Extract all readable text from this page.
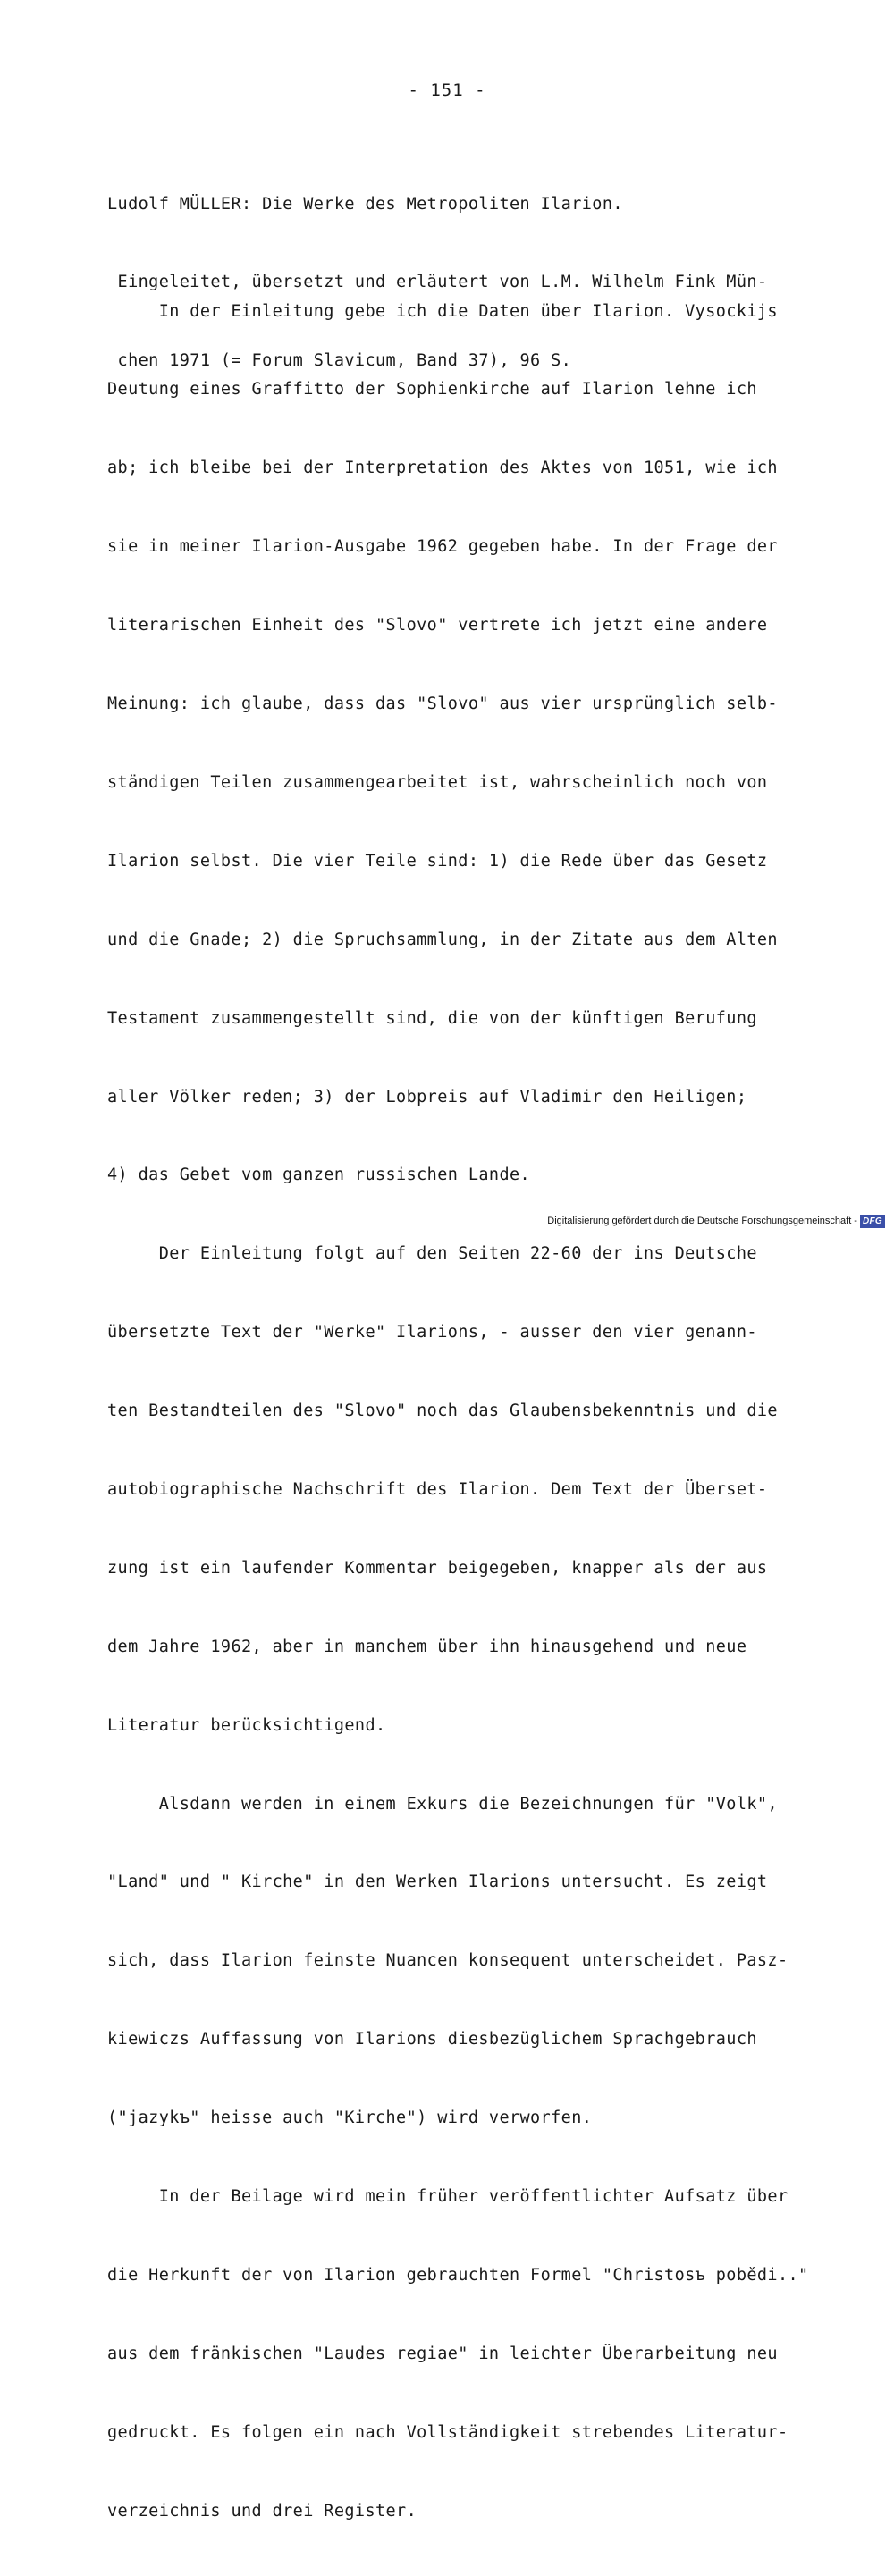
- 151 -

Ludolf MÜLLER: Die Werke des Metropoliten Ilarion.

Eingeleitet, übersetzt und erläutert von L.M. Wilhelm Fink Mün-

chen 1971 (= Forum Slavicum, Band 37), 96 S.

In der Einleitung gebe ich die Daten über Ilarion. Vysockijs

Deutung eines Graffitto der Sophienkirche auf Ilarion lehne ich

ab; ich bleibe bei der Interpretation des Aktes von 1051, wie ich

sie in meiner Ilarion-Ausgabe 1962 gegeben habe. In der Frage der

literarischen Einheit des "Slovo" vertrete ich jetzt eine andere

Meinung: ich glaube, dass das "Slovo" aus vier ursprünglich selb-

ständigen Teilen zusammengearbeitet ist, wahrscheinlich noch von

Ilarion selbst. Die vier Teile sind: 1) die Rede über das Gesetz

und die Gnade; 2) die Spruchsammlung, in der Zitate aus dem Alten

Testament zusammengestellt sind, die von der künftigen Berufung

aller Völker reden; 3) der Lobpreis auf Vladimir den Heiligen;

4) das Gebet vom ganzen russischen Lande.

Der Einleitung folgt auf den Seiten 22-60 der ins Deutsche

übersetzte Text der "Werke" Ilarions, - ausser den vier genann-

ten Bestandteilen des "Slovo" noch das Glaubensbekenntnis und die

autobiographische Nachschrift des Ilarion. Dem Text der Überset-

zung ist ein laufender Kommentar beigegeben, knapper als der aus

dem Jahre 1962, aber in manchem über ihn hinausgehend und neue

Literatur berücksichtigend.

Alsdann werden in einem Exkurs die Bezeichnungen für "Volk",

"Land" und " Kirche" in den Werken Ilarions untersucht. Es zeigt

sich, dass Ilarion feinste Nuancen konsequent unterscheidet. Pasz-

kiewiczs Auffassung von Ilarions diesbezüglichem Sprachgebrauch

("jazykъ" heisse auch "Kirche") wird verworfen.

In der Beilage wird mein früher veröffentlichter Aufsatz über

die Herkunft der von Ilarion gebrauchten Formel "Christosъ pobědi.."

aus dem fränkischen "Laudes regiae" in leichter Überarbeitung neu

gedruckt. Es folgen ein nach Vollständigkeit strebendes Literatur-

verzeichnis und drei Register.

Digitalisierung gefördert durch die Deutsche Forschungsgemeinschaft - DFG
